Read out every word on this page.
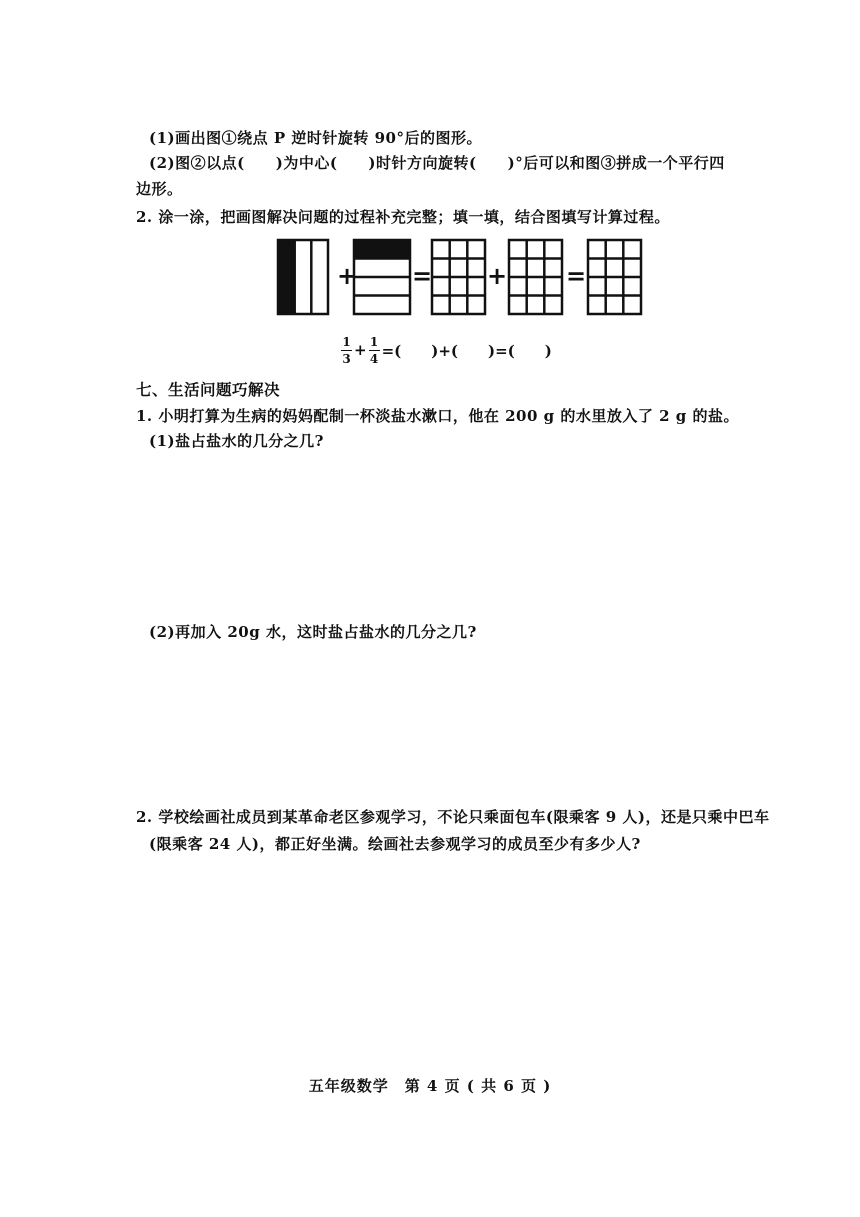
(1)画出图①绕点 P 逆时针旋转 90°后的图形。
(2)图②以点(　　)为中心(　　)时针方向旋转(　　)°后可以和图③拼成一个平行四
边形。
2. 涂一涂，把画图解决问题的过程补充完整；填一填，结合图填写计算过程。
+ = + =
$\frac{1}{3} + \frac{1}{4}$ =(　　)+(　　)=(　　)
七、生活问题巧解决
1. 小明打算为生病的妈妈配制一杯淡盐水漱口，他在 200 g 的水里放入了 2 g 的盐。
(1)盐占盐水的几分之几?
(2)再加入 20g 水，这时盐占盐水的几分之几?
2. 学校绘画社成员到某革命老区参观学习，不论只乘面包车(限乘客 9 人)，还是只乘中巴车
(限乘客 24 人)，都正好坐满。绘画社去参观学习的成员至少有多少人?
五年级数学　第 4 页 ( 共 6 页 )
